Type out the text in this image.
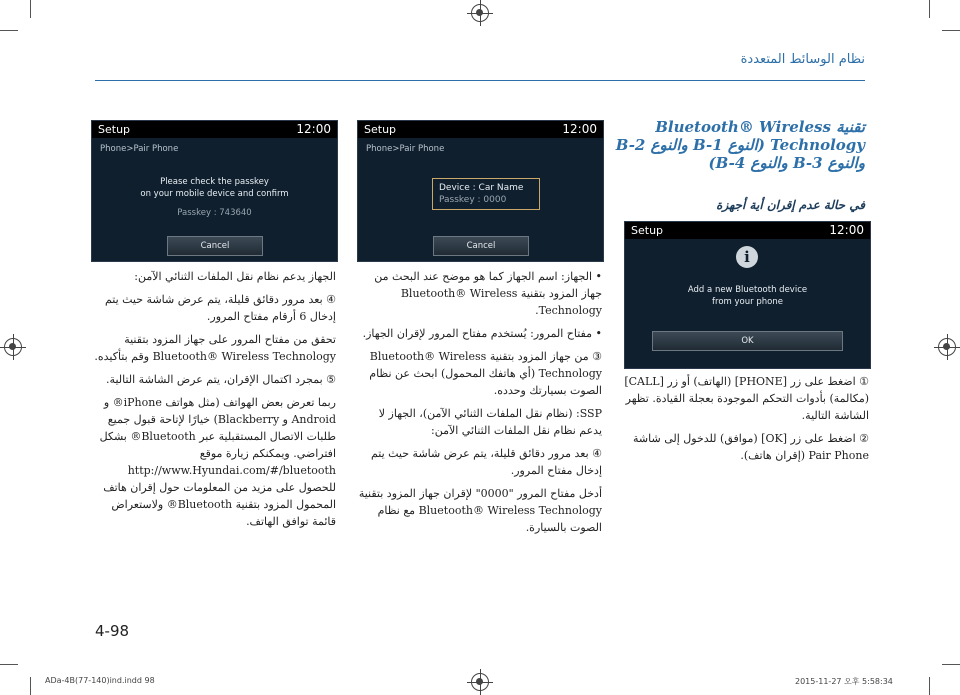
نظام الوسائط المتعددة
تقنية Bluetooth® Wireless
Technology (النوع B-1 والنوع B-2
والنوع B-3 والنوع B-4)
في حالة عدم إقران أية أجهزة
Setup	12:00
i
Add a new Bluetooth device
from your phone
OK

① اضغط على زر [PHONE] (الهاتف) أو زر [CALL] (مكالمة) بأدوات التحكم الموجودة بعجلة القيادة. تظهر الشاشة التالية.

② اضغط على زر [OK] (موافق) للدخول إلى شاشة Pair Phone (إقران هاتف).

Setup	12:00
Phone>Pair Phone
Device : Car Name
Passkey : 0000
Cancel

• الجهاز: اسم الجهاز كما هو موضح عند البحث من جهاز المزود بتقنية Bluetooth® Wireless Technology.

• مفتاح المرور: يُستخدم مفتاح المرور لإقران الجهاز.

③ من جهاز المزود بتقنية Bluetooth® Wireless Technology (أي هاتفك المحمول) ابحث عن نظام الصوت بسيارتك وحدده.

SSP: (نظام نقل الملفات الثنائي الآمن)، الجهاز لا يدعم نظام نقل الملفات الثنائي الآمن:

④ بعد مرور دقائق قليلة، يتم عرض شاشة حيث يتم إدخال مفتاح المرور.

أدخل مفتاح المرور "0000" لإقران جهاز المزود بتقنية Bluetooth® Wireless Technology مع نظام الصوت بالسيارة.

Setup	12:00
Phone>Pair Phone
Please check the passkey
on your mobile device and confirm
Passkey : 743640
Cancel

الجهاز يدعم نظام نقل الملفات الثنائي الآمن:

④ بعد مرور دقائق قليلة، يتم عرض شاشة حيث يتم إدخال 6 أرقام مفتاح المرور.

تحقق من مفتاح المرور على جهاز المزود بتقنية Bluetooth® Wireless Technology وقم بتأكيده.

⑤ بمجرد اكتمال الإقران، يتم عرض الشاشة التالية.

ربما تعرض بعض الهواتف (مثل هواتف iPhone® و Android و Blackberry) خيارًا لإتاحة قبول جميع طلبات الاتصال المستقبلية عبر Bluetooth® بشكل افتراضي. ويمكنكم زيارة موقع

http://www.Hyundai.com/#/bluetooth

للحصول على مزيد من المعلومات حول إقران هاتف المحمول المزود بتقنية Bluetooth® ولاستعراض قائمة توافق الهاتف.

4-98
ADa-4B(77-140)ind.indd 98	2015-11-27 오후 5:58:34
